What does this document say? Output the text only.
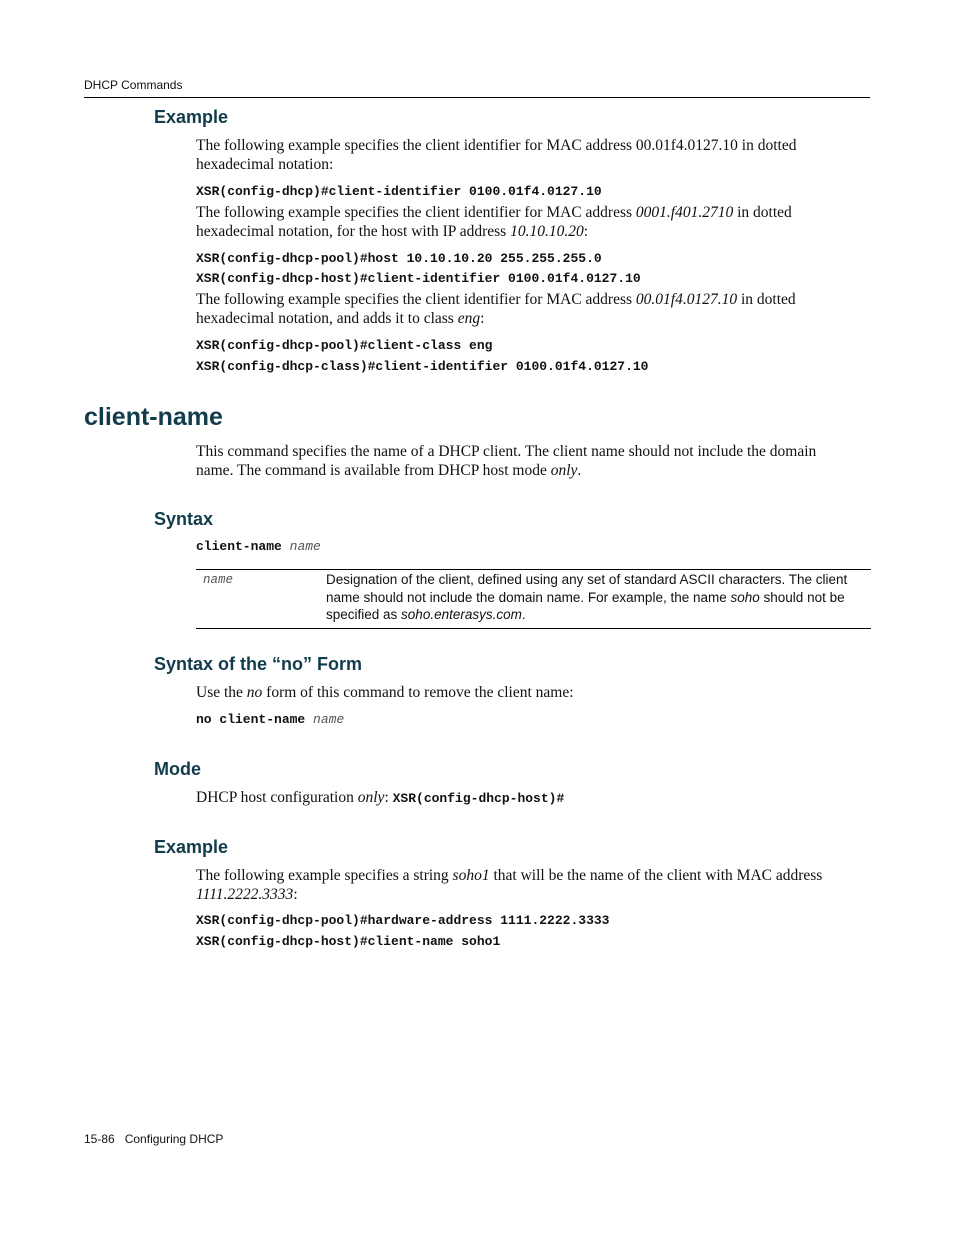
DHCP Commands
Example

The following example specifies the client identifier for MAC address 00.01f4.0127.10 in dotted hexadecimal notation:

XSR(config-dhcp)#client-identifier 0100.01f4.0127.10

The following example specifies the client identifier for MAC address 0001.f401.2710 in dotted hexadecimal notation, for the host with IP address 10.10.10.20:

XSR(config-dhcp-pool)#host 10.10.10.20 255.255.255.0
XSR(config-dhcp-host)#client-identifier 0100.01f4.0127.10

The following example specifies the client identifier for MAC address 00.01f4.0127.10 in dotted hexadecimal notation, and adds it to class eng:

XSR(config-dhcp-pool)#client-class eng
XSR(config-dhcp-class)#client-identifier 0100.01f4.0127.10
client-name

This command specifies the name of a DHCP client. The client name should not include the domain name. The command is available from DHCP host mode only.

Syntax
client-name name
name	Designation of the client, defined using any set of standard ASCII characters. The client name should not include the domain name. For example, the name soho should not be specified as soho.enterasys.com.
Syntax of the “no” Form

Use the no form of this command to remove the client name:

no client-name name
Mode

DHCP host configuration only: XSR(config-dhcp-host)#

Example

The following example specifies a string soho1 that will be the name of the client with MAC address 1111.2222.3333:

XSR(config-dhcp-pool)#hardware-address 1111.2222.3333
XSR(config-dhcp-host)#client-name soho1
15-86 Configuring DHCP
